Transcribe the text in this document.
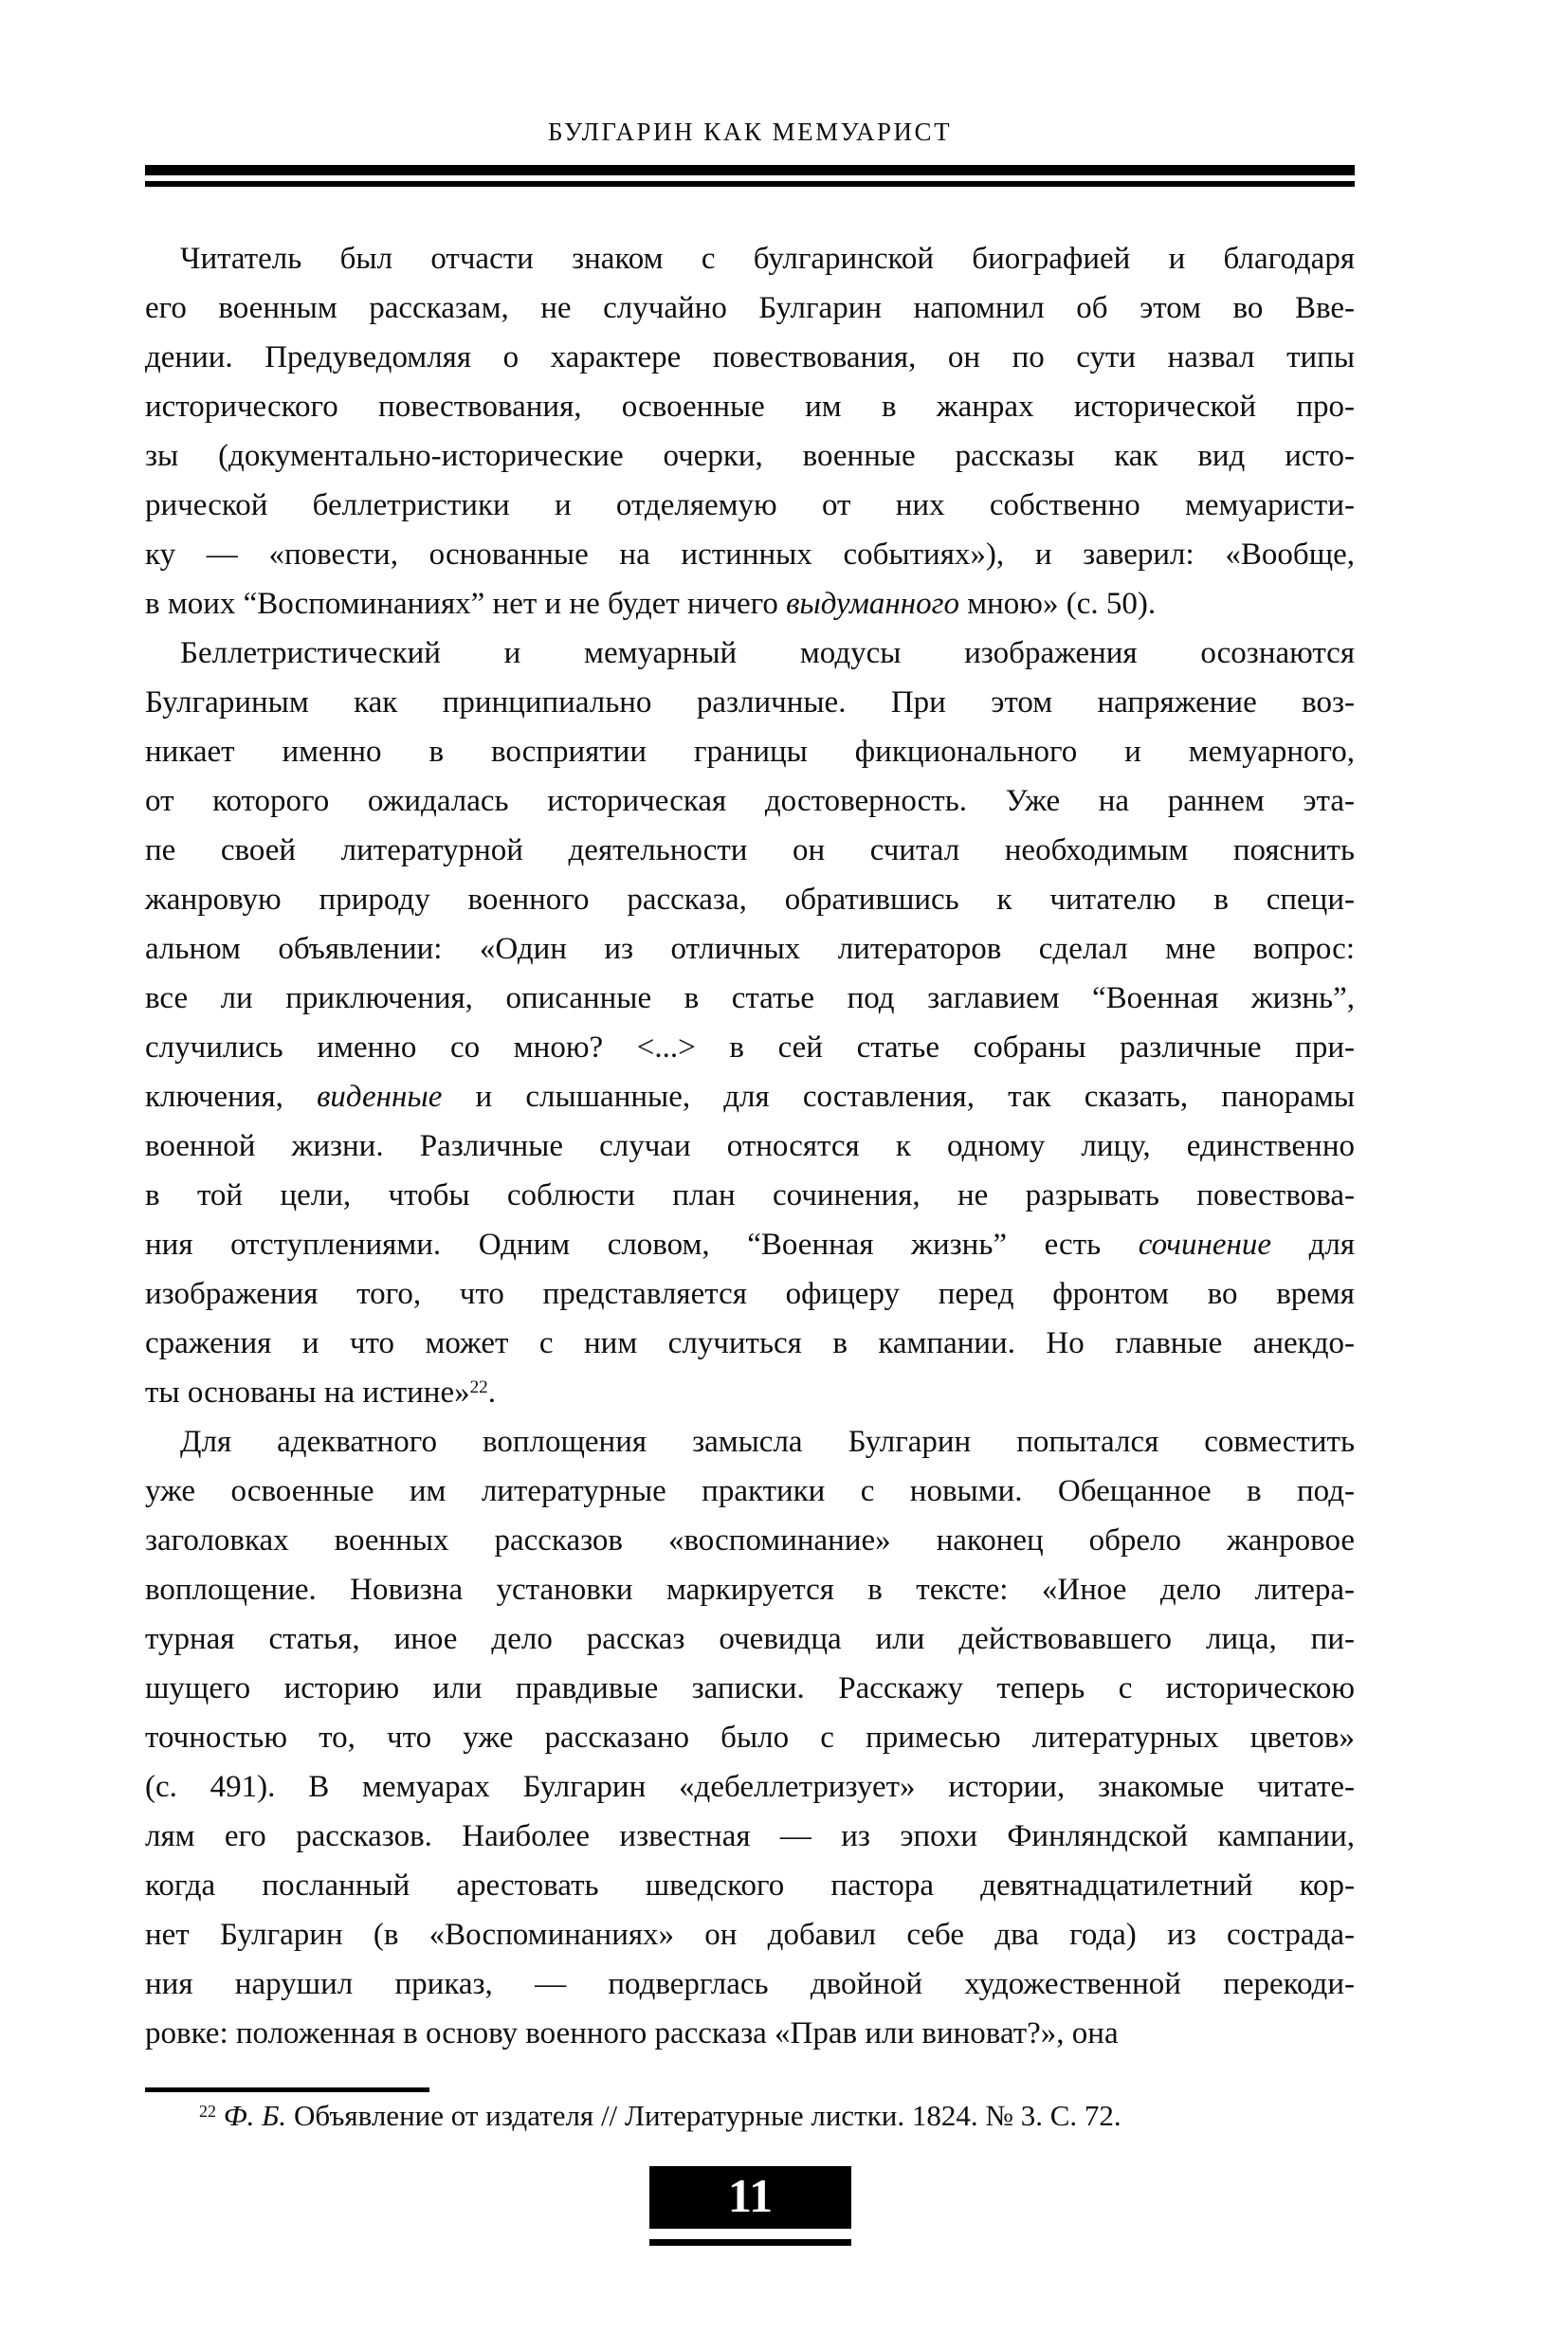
БУЛГАРИН КАК МЕМУАРИСТ
Читатель был отчасти знаком с булгаринской биографией и благодаря
его военным рассказам, не случайно Булгарин напомнил об этом во Вве-
дении. Предуведомляя о характере повествования, он по сути назвал типы
исторического повествования, освоенные им в жанрах исторической про-
зы (документально-исторические очерки, военные рассказы как вид исто-
рической беллетристики и отделяемую от них собственно мемуаристи-
ку — «повести, основанные на истинных событиях»), и заверил: «Вообще,
в моих “Воспоминаниях” нет и не будет ничего выдуманного мною» (с. 50).
Беллетристический и мемуарный модусы изображения осознаются
Булгариным как принципиально различные. При этом напряжение воз-
никает именно в восприятии границы фикционального и мемуарного,
от которого ожидалась историческая достоверность. Уже на раннем эта-
пе своей литературной деятельности он считал необходимым пояснить
жанровую природу военного рассказа, обратившись к читателю в специ-
альном объявлении: «Один из отличных литераторов сделал мне вопрос:
все ли приключения, описанные в статье под заглавием “Военная жизнь”,
случились именно со мною? <...> в сей статье собраны различные при-
ключения, виденные и слышанные, для составления, так сказать, панорамы
военной жизни. Различные случаи относятся к одному лицу, единственно
в той цели, чтобы соблюсти план сочинения, не разрывать повествова-
ния отступлениями. Одним словом, “Военная жизнь” есть сочинение для
изображения того, что представляется офицеру перед фронтом во время
сражения и что может с ним случиться в кампании. Но главные анекдо-
ты основаны на истине»$^{22}$.
Для адекватного воплощения замысла Булгарин попытался совместить
уже освоенные им литературные практики с новыми. Обещанное в под-
заголовках военных рассказов «воспоминание» наконец обрело жанровое
воплощение. Новизна установки маркируется в тексте: «Иное дело литера-
турная статья, иное дело рассказ очевидца или действовавшего лица, пи-
шущего историю или правдивые записки. Расскажу теперь с историческою
точностью то, что уже рассказано было с примесью литературных цветов»
(с. 491). В мемуарах Булгарин «дебеллетризует» истории, знакомые читате-
лям его рассказов. Наиболее известная — из эпохи Финляндской кампании,
когда посланный арестовать шведского пастора девятнадцатилетний кор-
нет Булгарин (в «Воспоминаниях» он добавил себе два года) из сострада-
ния нарушил приказ, — подверглась двойной художественной перекоди-
ровке: положенная в основу военного рассказа «Прав или виноват?», она
$^{22}$ Ф. Б. Объявление от издателя // Литературные листки. 1824. № 3. С. 72.
11
